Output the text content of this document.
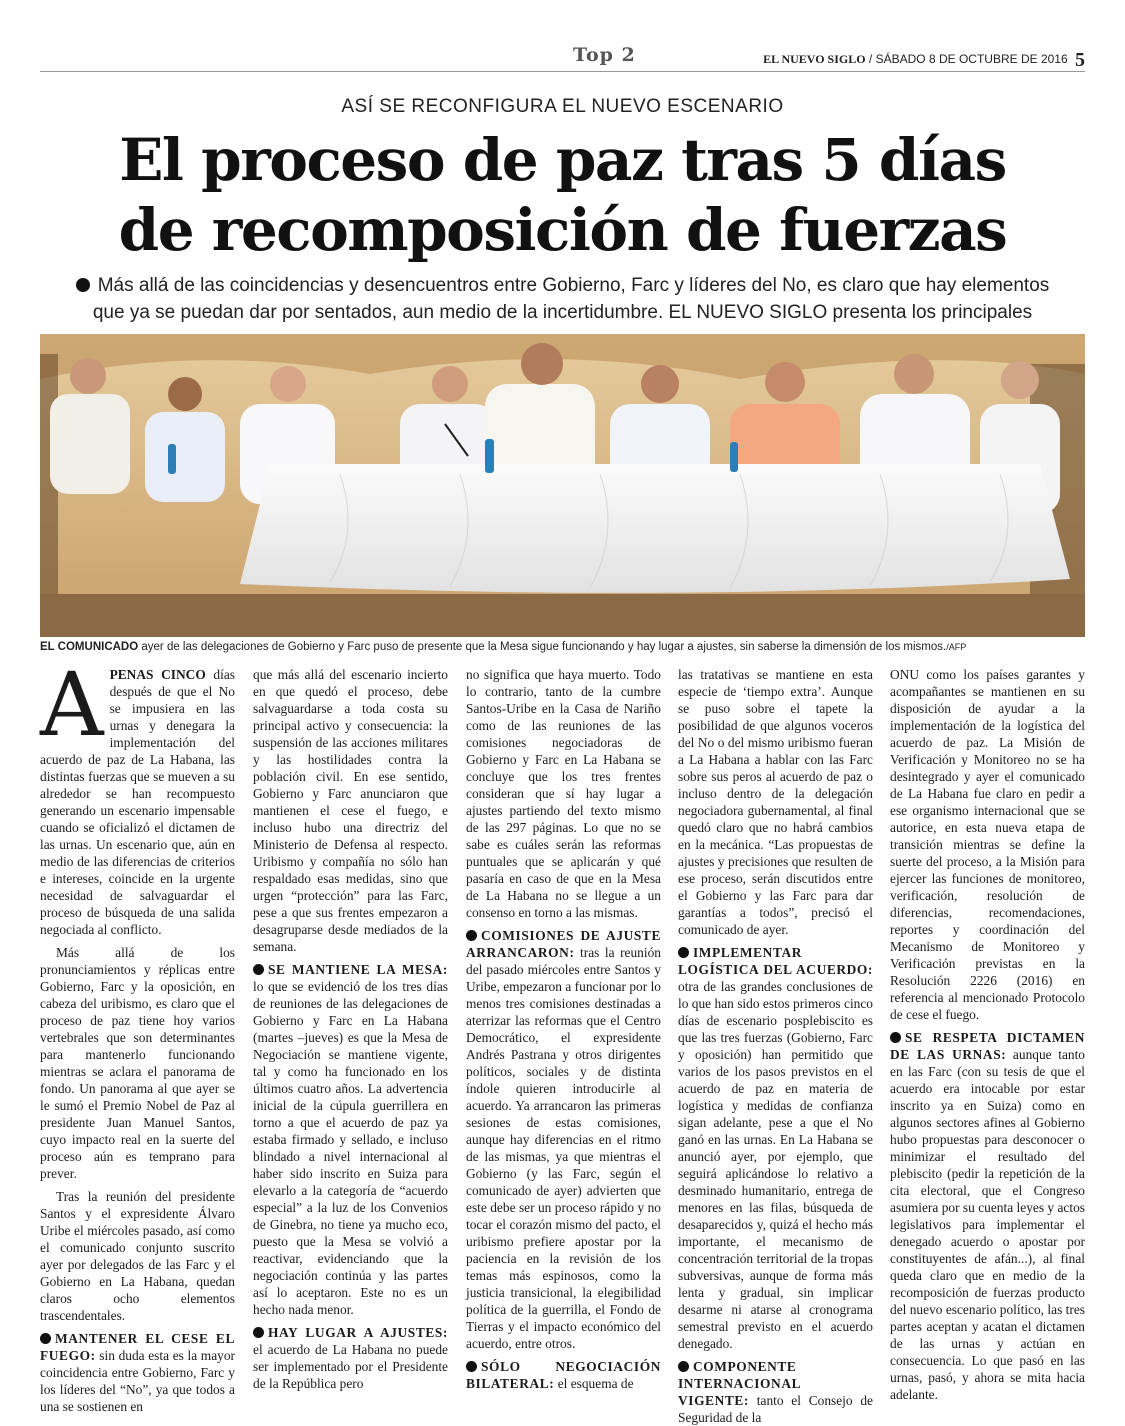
Top 2	EL NUEVO SIGLO / SÁBADO 8 DE OCTUBRE DE 2016 5
ASÍ SE RECONFIGURA EL NUEVO ESCENARIO
El proceso de paz tras 5 días
de recomposición de fuerzas
Más allá de las coincidencias y desencuentros entre Gobierno, Farc y líderes del No, es claro que hay elementos
que ya se puedan dar por sentados, aun medio de la incertidumbre. EL NUEVO SIGLO presenta los principales
EL COMUNICADO ayer de las delegaciones de Gobierno y Farc puso de presente que la Mesa sigue funcionando y hay lugar a ajustes, sin saberse la dimensión de los mismos./AFP

APENAS CINCO días después de que el No se impusiera en las urnas y denegara la implementación del acuerdo de paz de La Habana, las distintas fuerzas que se mueven a su alrededor se han recompuesto generando un escenario impensable cuando se oficializó el dictamen de las urnas. Un escenario que, aún en medio de las diferencias de criterios e intereses, coincide en la urgente necesidad de salvaguardar el proceso de búsqueda de una salida negociada al conflicto.

Más allá de los pronunciamientos y réplicas entre Gobierno, Farc y la oposición, en cabeza del uribismo, es claro que el proceso de paz tiene hoy varios vertebrales que son determinantes para mantenerlo funcionando mientras se aclara el panorama de fondo. Un panorama al que ayer se le sumó el Premio Nobel de Paz al presidente Juan Manuel Santos, cuyo impacto real en la suerte del proceso aún es temprano para prever.

Tras la reunión del presidente Santos y el expresidente Álvaro Uribe el miércoles pasado, así como el comunicado conjunto suscrito ayer por delegados de las Farc y el Gobierno en La Habana, quedan claros ocho elementos trascendentales.

MANTENER EL CESE EL FUEGO: sin duda esta es la mayor coincidencia entre Gobierno, Farc y los líderes del “No”, ya que todos a una se sostienen en

que más allá del escenario incierto en que quedó el proceso, debe salvaguardarse a toda costa su principal activo y consecuencia: la suspensión de las acciones militares y las hostilidades contra la población civil. En ese sentido, Gobierno y Farc anunciaron que mantienen el cese el fuego, e incluso hubo una directriz del Ministerio de Defensa al respecto. Uribismo y compañía no sólo han respaldado esas medidas, sino que urgen “protección” para las Farc, pese a que sus frentes empezaron a desagruparse desde mediados de la semana.

SE MANTIENE LA MESA: lo que se evidenció de los tres días de reuniones de las delegaciones de Gobierno y Farc en La Habana (martes –jueves) es que la Mesa de Negociación se mantiene vigente, tal y como ha funcionado en los últimos cuatro años. La advertencia inicial de la cúpula guerrillera en torno a que el acuerdo de paz ya estaba firmado y sellado, e incluso blindado a nivel internacional al haber sido inscrito en Suiza para elevarlo a la categoría de “acuerdo especial” a la luz de los Convenios de Ginebra, no tiene ya mucho eco, puesto que la Mesa se volvió a reactivar, evidenciando que la negociación continúa y las partes así lo aceptaron. Este no es un hecho nada menor.

HAY LUGAR A AJUSTES: el acuerdo de La Habana no puede ser implementado por el Presidente de la República pero

no significa que haya muerto. Todo lo contrario, tanto de la cumbre Santos-Uribe en la Casa de Nariño como de las reuniones de las comisiones negociadoras de Gobierno y Farc en La Habana se concluye que los tres frentes consideran que sí hay lugar a ajustes partiendo del texto mismo de las 297 páginas. Lo que no se sabe es cuáles serán las reformas puntuales que se aplicarán y qué pasaría en caso de que en la Mesa de La Habana no se llegue a un consenso en torno a las mismas.

COMISIONES DE AJUSTE ARRANCARON: tras la reunión del pasado miércoles entre Santos y Uribe, empezaron a funcionar por lo menos tres comisiones destinadas a aterrizar las reformas que el Centro Democrático, el expresidente Andrés Pastrana y otros dirigentes políticos, sociales y de distinta índole quieren introducirle al acuerdo. Ya arrancaron las primeras sesiones de estas comisiones, aunque hay diferencias en el ritmo de las mismas, ya que mientras el Gobierno (y las Farc, según el comunicado de ayer) advierten que este debe ser un proceso rápido y no tocar el corazón mismo del pacto, el uribismo prefiere apostar por la paciencia en la revisión de los temas más espinosos, como la justicia transicional, la elegibilidad política de la guerrilla, el Fondo de Tierras y el impacto económico del acuerdo, entre otros.

SÓLO NEGOCIACIÓN BILATERAL: el esquema de

las tratativas se mantiene en esta especie de ‘tiempo extra’. Aunque se puso sobre el tapete la posibilidad de que algunos voceros del No o del mismo uribismo fueran a La Habana a hablar con las Farc sobre sus peros al acuerdo de paz o incluso dentro de la delegación negociadora gubernamental, al final quedó claro que no habrá cambios en la mecánica. “Las propuestas de ajustes y precisiones que resulten de ese proceso, serán discutidos entre el Gobierno y las Farc para dar garantías a todos”, precisó el comunicado de ayer.

IMPLEMENTAR LOGÍSTICA DEL ACUERDO: otra de las grandes conclusiones de lo que han sido estos primeros cinco días de escenario posplebiscito es que las tres fuerzas (Gobierno, Farc y oposición) han permitido que varios de los pasos previstos en el acuerdo de paz en materia de logística y medidas de confianza sigan adelante, pese a que el No ganó en las urnas. En La Habana se anunció ayer, por ejemplo, que seguirá aplicándose lo relativo a desminado humanitario, entrega de menores en las filas, búsqueda de desaparecidos y, quizá el hecho más importante, el mecanismo de concentración territorial de la tropas subversivas, aunque de forma más lenta y gradual, sin implicar desarme ni atarse al cronograma semestral previsto en el acuerdo denegado.

COMPONENTE INTERNACIONAL VIGENTE: tanto el Consejo de Seguridad de la

ONU como los países garantes y acompañantes se mantienen en su disposición de ayudar a la implementación de la logística del acuerdo de paz. La Misión de Verificación y Monitoreo no se ha desintegrado y ayer el comunicado de La Habana fue claro en pedir a ese organismo internacional que se autorice, en esta nueva etapa de transición mientras se define la suerte del proceso, a la Misión para ejercer las funciones de monitoreo, verificación, resolución de diferencias, recomendaciones, reportes y coordinación del Mecanismo de Monitoreo y Verificación previstas en la Resolución 2226 (2016) en referencia al mencionado Protocolo de cese el fuego.

SE RESPETA DICTAMEN DE LAS URNAS: aunque tanto en las Farc (con su tesis de que el acuerdo era intocable por estar inscrito ya en Suiza) como en algunos sectores afines al Gobierno hubo propuestas para desconocer o minimizar el resultado del plebiscito (pedir la repetición de la cita electoral, que el Congreso asumiera por su cuenta leyes y actos legislativos para implementar el denegado acuerdo o apostar por constituyentes de afán...), al final queda claro que en medio de la recomposición de fuerzas producto del nuevo escenario político, las tres partes aceptan y acatan el dictamen de las urnas y actúan en consecuencia. Lo que pasó en las urnas, pasó, y ahora se mita hacia adelante.
